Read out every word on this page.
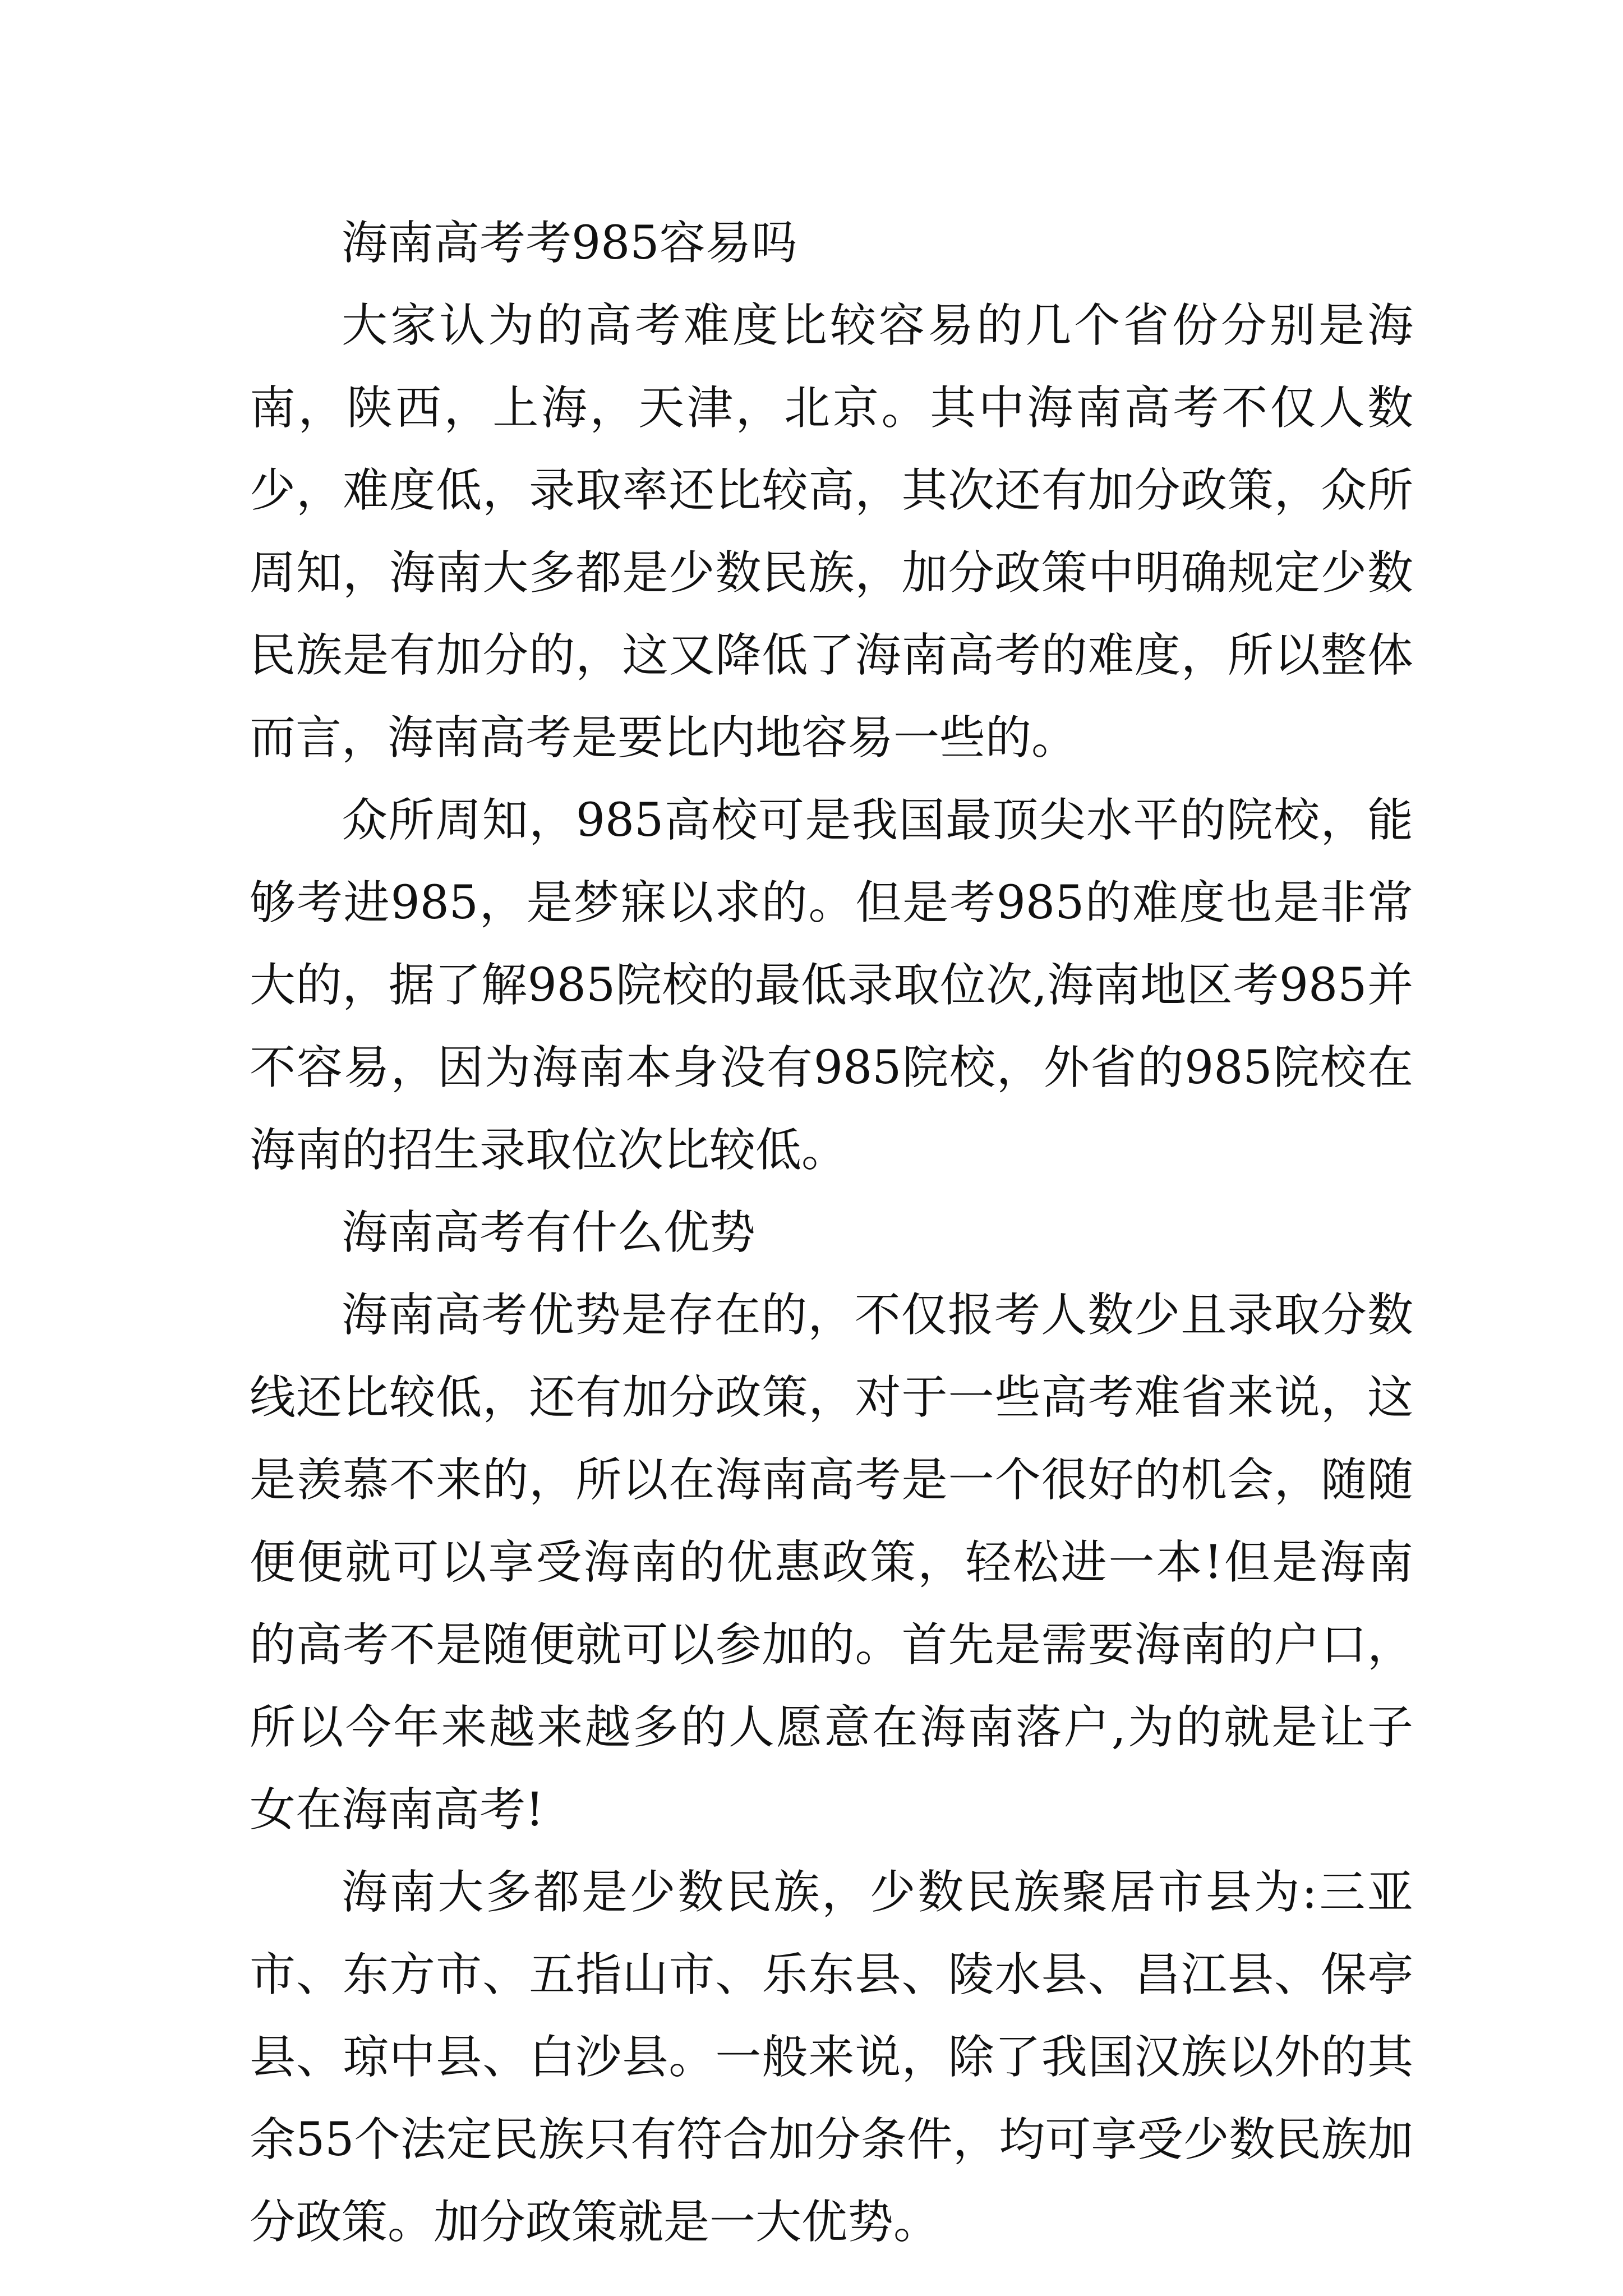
海南高考考985容易吗

大家认为的高考难度比较容易的几个省份分别是海南，陕西，上海，天津，北京。其中海南高考不仅人数少，难度低，录取率还比较高，其次还有加分政策，众所周知，海南大多都是少数民族，加分政策中明确规定少数民族是有加分的，这又降低了海南高考的难度，所以整体而言，海南高考是要比内地容易一些的。

众所周知，985高校可是我国最顶尖水平的院校，能够考进985，是梦寐以求的。但是考985的难度也是非常大的，据了解985院校的最低录取位次,海南地区考985并不容易，因为海南本身没有985院校，外省的985院校在海南的招生录取位次比较低。

海南高考有什么优势

海南高考优势是存在的，不仅报考人数少且录取分数线还比较低，还有加分政策，对于一些高考难省来说，这是羡慕不来的，所以在海南高考是一个很好的机会，随随便便就可以享受海南的优惠政策，轻松进一本!但是海南的高考不是随便就可以参加的。首先是需要海南的户口，所以今年来越来越多的人愿意在海南落户,为的就是让子女在海南高考!

海南大多都是少数民族，少数民族聚居市县为:三亚市、东方市、五指山市、乐东县、陵水县、昌江县、保亭县、琼中县、白沙县。一般来说，除了我国汉族以外的其余55个法定民族只有符合加分条件，均可享受少数民族加分政策。加分政策就是一大优势。
